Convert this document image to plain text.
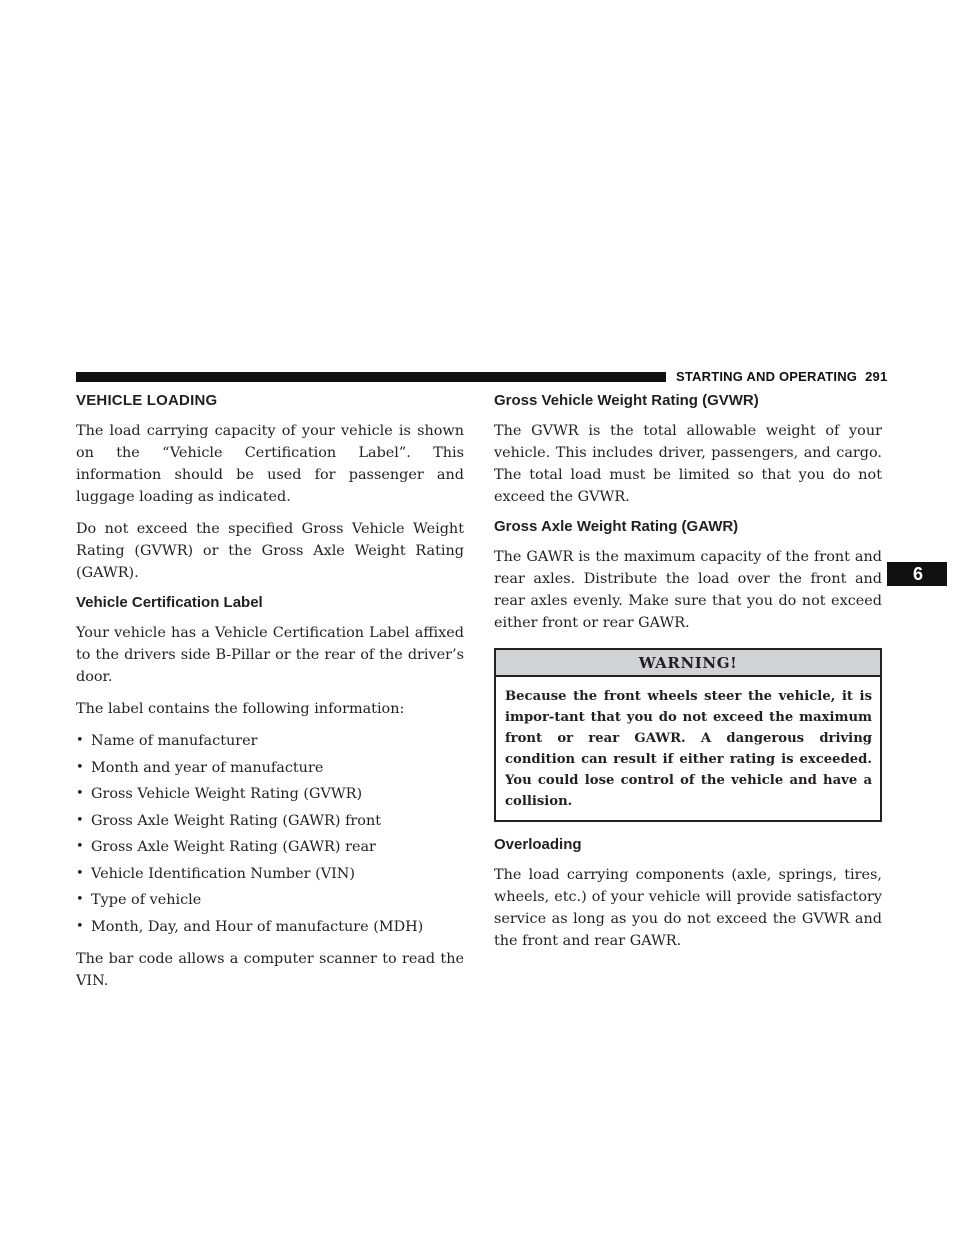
STARTING AND OPERATING 291
6
VEHICLE LOADING

The load carrying capacity of your vehicle is shown on the “Vehicle Certification Label”. This information should be used for passenger and luggage loading as indicated.

Do not exceed the specified Gross Vehicle Weight Rating (GVWR) or the Gross Axle Weight Rating (GAWR).

Vehicle Certification Label

Your vehicle has a Vehicle Certification Label affixed to the drivers side B-Pillar or the rear of the driver’s door.

The label contains the following information:

• Name of manufacturer
• Month and year of manufacture
• Gross Vehicle Weight Rating (GVWR)
• Gross Axle Weight Rating (GAWR) front
• Gross Axle Weight Rating (GAWR) rear
• Vehicle Identification Number (VIN)
• Type of vehicle
• Month, Day, and Hour of manufacture (MDH)

The bar code allows a computer scanner to read the VIN.

Gross Vehicle Weight Rating (GVWR)

The GVWR is the total allowable weight of your vehicle. This includes driver, passengers, and cargo. The total load must be limited so that you do not exceed the GVWR.

Gross Axle Weight Rating (GAWR)

The GAWR is the maximum capacity of the front and rear axles. Distribute the load over the front and rear axles evenly. Make sure that you do not exceed either front or rear GAWR.

WARNING!

Because the front wheels steer the vehicle, it is impor-tant that you do not exceed the maximum front or rear GAWR. A dangerous driving condition can result if either rating is exceeded. You could lose control of the vehicle and have a collision.

Overloading

The load carrying components (axle, springs, tires, wheels, etc.) of your vehicle will provide satisfactory service as long as you do not exceed the GVWR and the front and rear GAWR.
